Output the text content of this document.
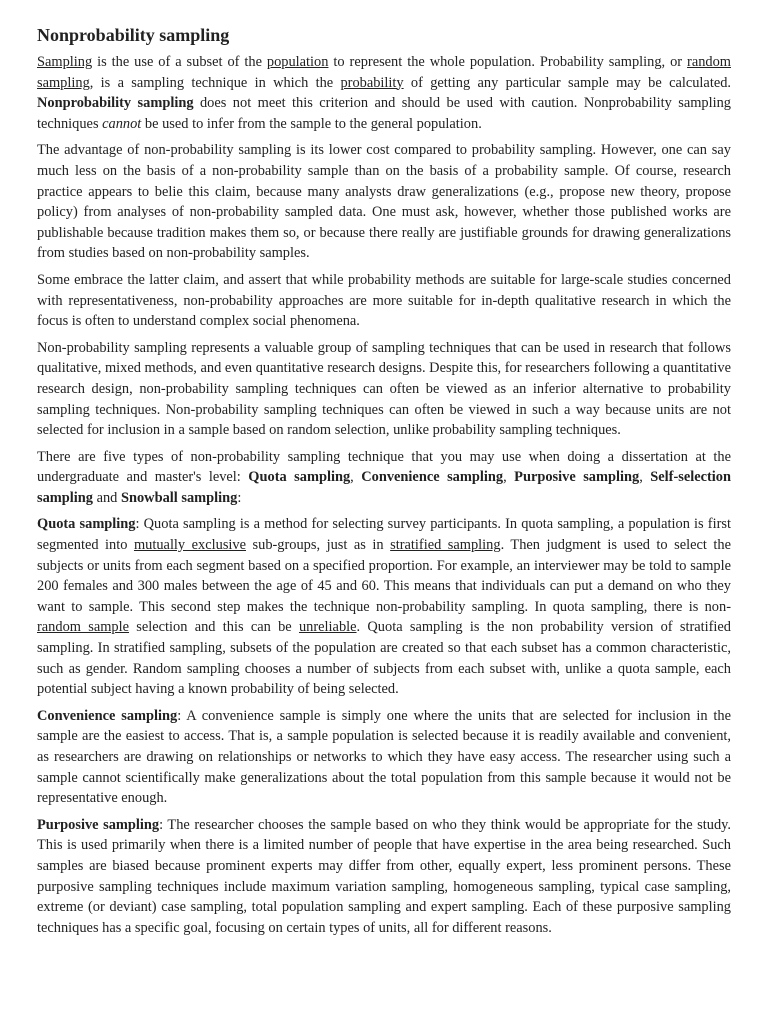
Nonprobability sampling

Sampling is the use of a subset of the population to represent the whole population. Probability sampling, or random sampling, is a sampling technique in which the probability of getting any particular sample may be calculated. Nonprobability sampling does not meet this criterion and should be used with caution. Nonprobability sampling techniques cannot be used to infer from the sample to the general population.

The advantage of non-probability sampling is its lower cost compared to probability sampling. However, one can say much less on the basis of a non-probability sample than on the basis of a probability sample. Of course, research practice appears to belie this claim, because many analysts draw generalizations (e.g., propose new theory, propose policy) from analyses of non-probability sampled data. One must ask, however, whether those published works are publishable because tradition makes them so, or because there really are justifiable grounds for drawing generalizations from studies based on non-probability samples.

Some embrace the latter claim, and assert that while probability methods are suitable for large-scale studies concerned with representativeness, non-probability approaches are more suitable for in-depth qualitative research in which the focus is often to understand complex social phenomena.

Non-probability sampling represents a valuable group of sampling techniques that can be used in research that follows qualitative, mixed methods, and even quantitative research designs. Despite this, for researchers following a quantitative research design, non-probability sampling techniques can often be viewed as an inferior alternative to probability sampling techniques. Non-probability sampling techniques can often be viewed in such a way because units are not selected for inclusion in a sample based on random selection, unlike probability sampling techniques.

There are five types of non-probability sampling technique that you may use when doing a dissertation at the undergraduate and master's level: Quota sampling, Convenience sampling, Purposive sampling, Self-selection sampling and Snowball sampling:

Quota sampling: Quota sampling is a method for selecting survey participants. In quota sampling, a population is first segmented into mutually exclusive sub-groups, just as in stratified sampling. Then judgment is used to select the subjects or units from each segment based on a specified proportion. For example, an interviewer may be told to sample 200 females and 300 males between the age of 45 and 60. This means that individuals can put a demand on who they want to sample. This second step makes the technique non-probability sampling. In quota sampling, there is non-random sample selection and this can be unreliable. Quota sampling is the non probability version of stratified sampling. In stratified sampling, subsets of the population are created so that each subset has a common characteristic, such as gender. Random sampling chooses a number of subjects from each subset with, unlike a quota sample, each potential subject having a known probability of being selected.

Convenience sampling: A convenience sample is simply one where the units that are selected for inclusion in the sample are the easiest to access. That is, a sample population is selected because it is readily available and convenient, as researchers are drawing on relationships or networks to which they have easy access. The researcher using such a sample cannot scientifically make generalizations about the total population from this sample because it would not be representative enough.

Purposive sampling: The researcher chooses the sample based on who they think would be appropriate for the study. This is used primarily when there is a limited number of people that have expertise in the area being researched. Such samples are biased because prominent experts may differ from other, equally expert, less prominent persons. These purposive sampling techniques include maximum variation sampling, homogeneous sampling, typical case sampling, extreme (or deviant) case sampling, total population sampling and expert sampling. Each of these purposive sampling techniques has a specific goal, focusing on certain types of units, all for different reasons.
